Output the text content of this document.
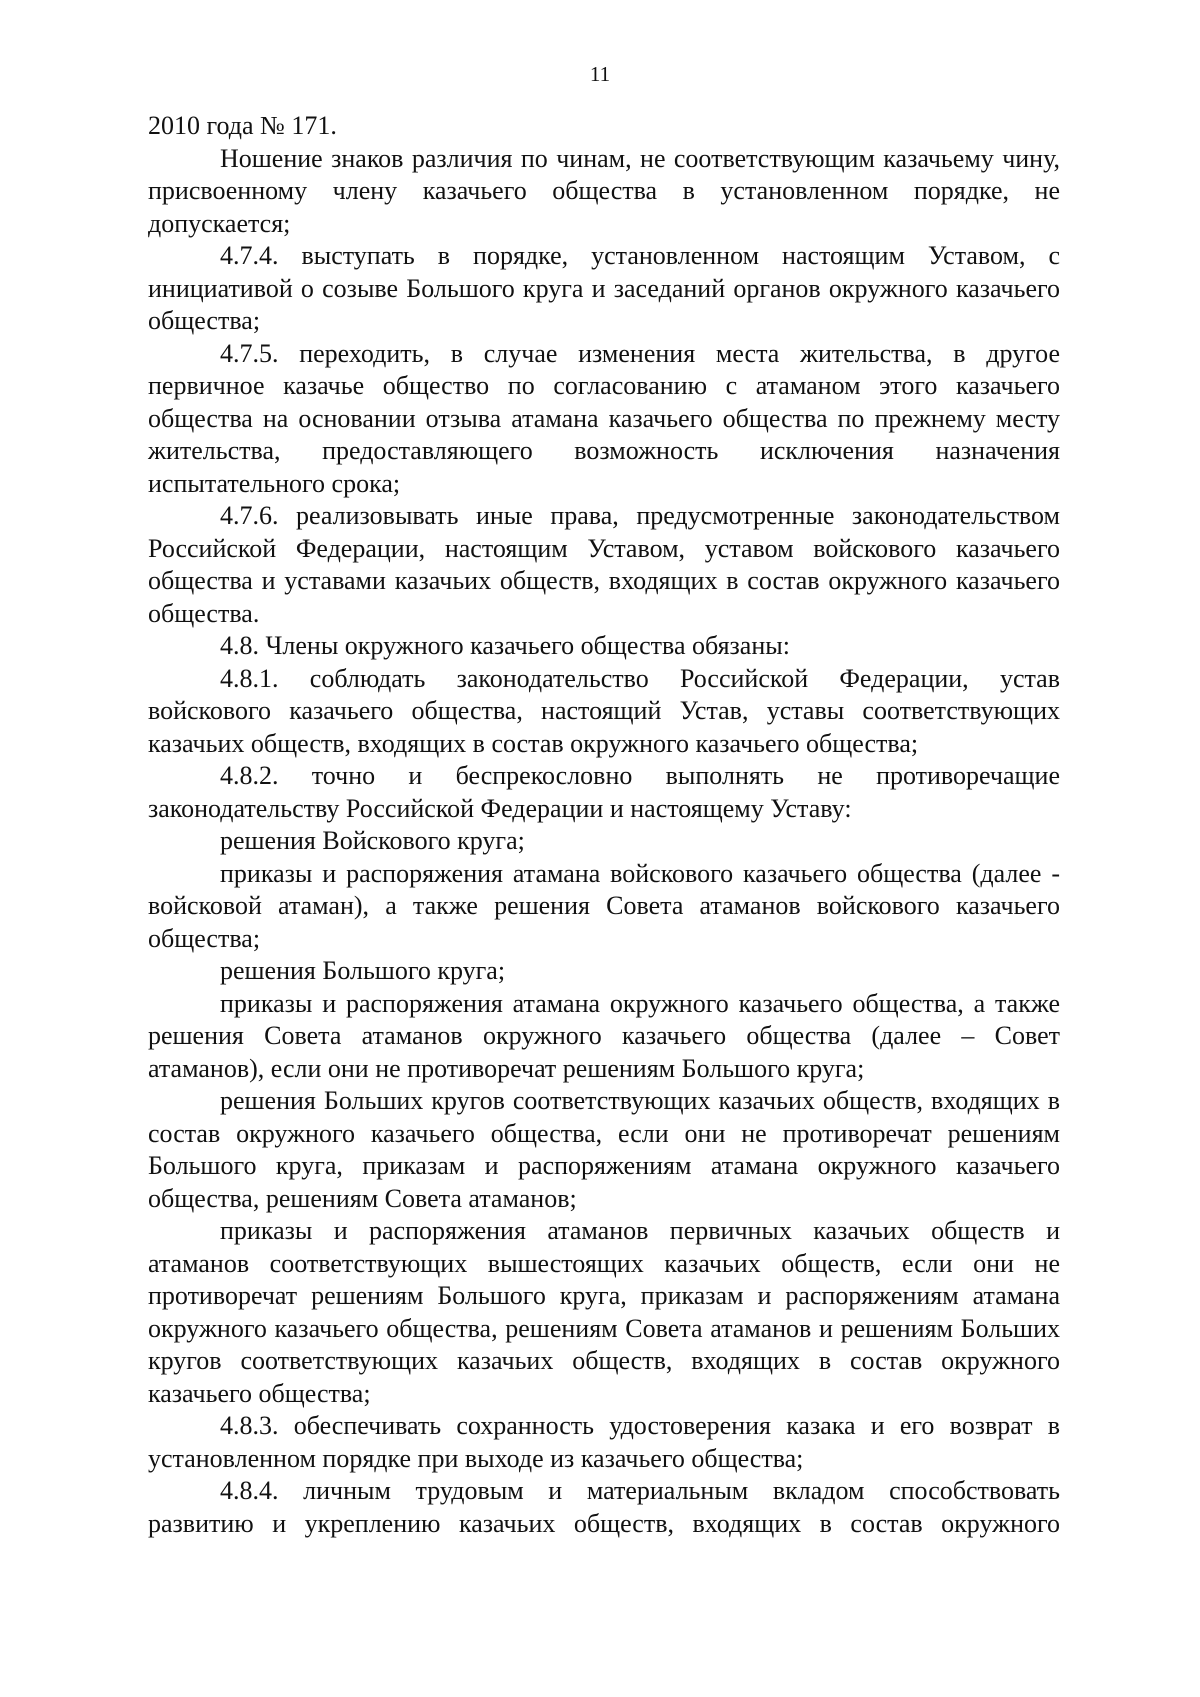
11

2010 года № 171.

Ношение знаков различия по чинам, не соответствующим казачьему чину, присвоенному члену казачьего общества в установленном порядке, не допускается;

4.7.4. выступать в порядке, установленном настоящим Уставом, с инициативой о созыве Большого круга и заседаний органов окружного казачьего общества;

4.7.5. переходить, в случае изменения места жительства, в другое первичное казачье общество по согласованию с атаманом этого казачьего общества на основании отзыва атамана казачьего общества по прежнему месту жительства, предоставляющего возможность исключения назначения испытательного срока;

4.7.6. реализовывать иные права, предусмотренные законодательством Российской Федерации, настоящим Уставом, уставом войскового казачьего общества и уставами казачьих обществ, входящих в состав окружного казачьего общества.

4.8. Члены окружного казачьего общества обязаны:

4.8.1. соблюдать законодательство Российской Федерации, устав войскового казачьего общества, настоящий Устав, уставы соответствующих казачьих обществ, входящих в состав окружного казачьего общества;

4.8.2. точно и беспрекословно выполнять не противоречащие законодательству Российской Федерации и настоящему Уставу:

решения Войскового круга;

приказы и распоряжения атамана войскового казачьего общества (далее - войсковой атаман), а также решения Совета атаманов войскового казачьего общества;

решения Большого круга;

приказы и распоряжения атамана окружного казачьего общества, а также решения Совета атаманов окружного казачьего общества (далее – Совет атаманов), если они не противоречат решениям Большого круга;

решения Больших кругов соответствующих казачьих обществ, входящих в состав окружного казачьего общества, если они не противоречат решениям Большого круга, приказам и распоряжениям атамана окружного казачьего общества, решениям Совета атаманов;

приказы и распоряжения атаманов первичных казачьих обществ и атаманов соответствующих вышестоящих казачьих обществ, если они не противоречат решениям Большого круга, приказам и распоряжениям атамана окружного казачьего общества, решениям Совета атаманов и решениям Больших кругов соответствующих казачьих обществ, входящих в состав окружного казачьего общества;

4.8.3. обеспечивать сохранность удостоверения казака и его возврат в установленном порядке при выходе из казачьего общества;

4.8.4. личным трудовым и материальным вкладом способствовать развитию и укреплению казачьих обществ, входящих в состав окружного
